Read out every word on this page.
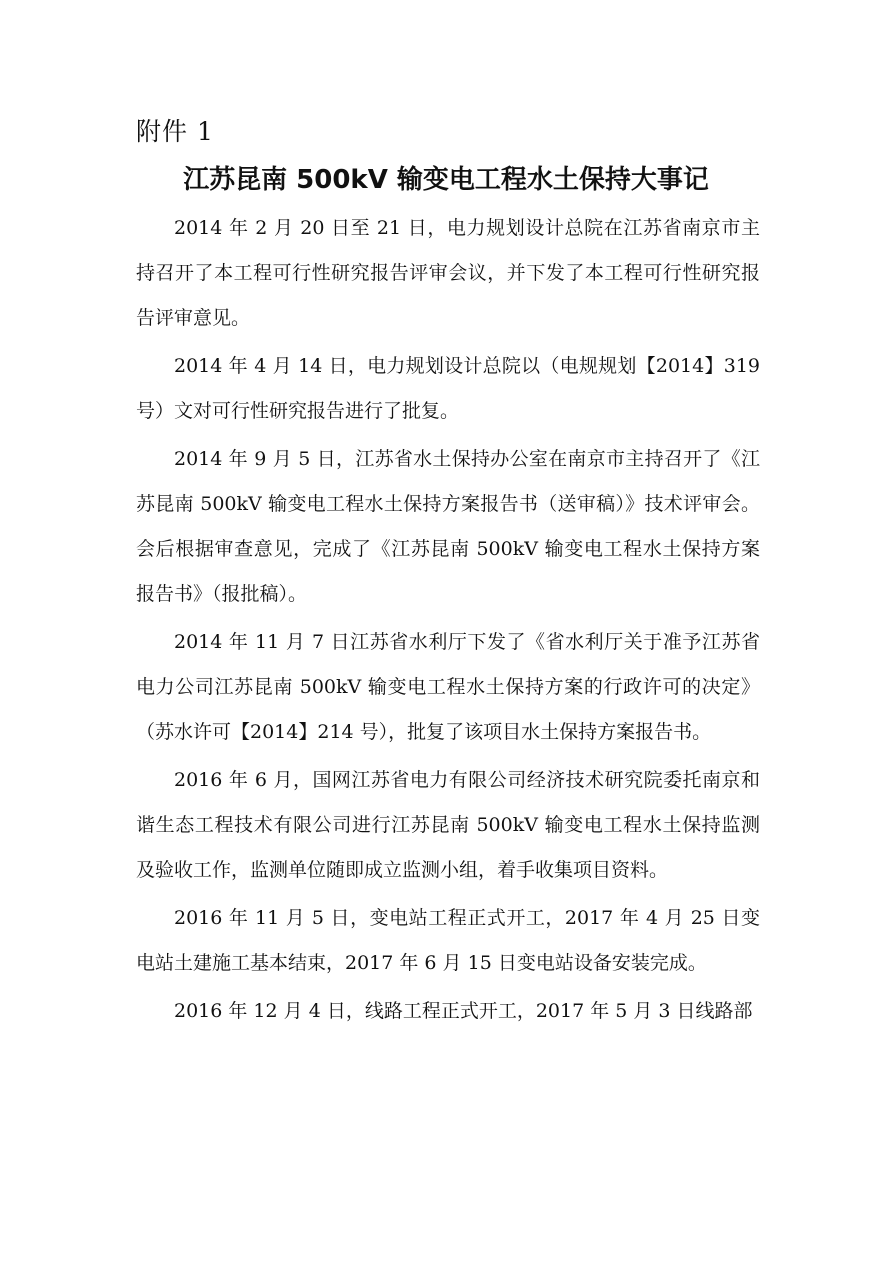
附件 1
江苏昆南 500kV 输变电工程水土保持大事记

2014 年 2 月 20 日至 21 日，电力规划设计总院在江苏省南京市主持召开了本工程可行性研究报告评审会议，并下发了本工程可行性研究报告评审意见。

2014 年 4 月 14 日，电力规划设计总院以（电规规划【2014】319 号）文对可行性研究报告进行了批复。

2014 年 9 月 5 日，江苏省水土保持办公室在南京市主持召开了《江苏昆南 500kV 输变电工程水土保持方案报告书（送审稿）》技术评审会。会后根据审查意见，完成了《江苏昆南 500kV 输变电工程水土保持方案报告书》（报批稿）。

2014 年 11 月 7 日江苏省水利厅下发了《省水利厅关于准予江苏省电力公司江苏昆南 500kV 输变电工程水土保持方案的行政许可的决定》（苏水许可【2014】214 号），批复了该项目水土保持方案报告书。

2016 年 6 月，国网江苏省电力有限公司经济技术研究院委托南京和谐生态工程技术有限公司进行江苏昆南 500kV 输变电工程水土保持监测及验收工作，监测单位随即成立监测小组，着手收集项目资料。

2016 年 11 月 5 日，变电站工程正式开工，2017 年 4 月 25 日变电站土建施工基本结束，2017 年 6 月 15 日变电站设备安装完成。

2016 年 12 月 4 日，线路工程正式开工，2017 年 5 月 3 日线路部
